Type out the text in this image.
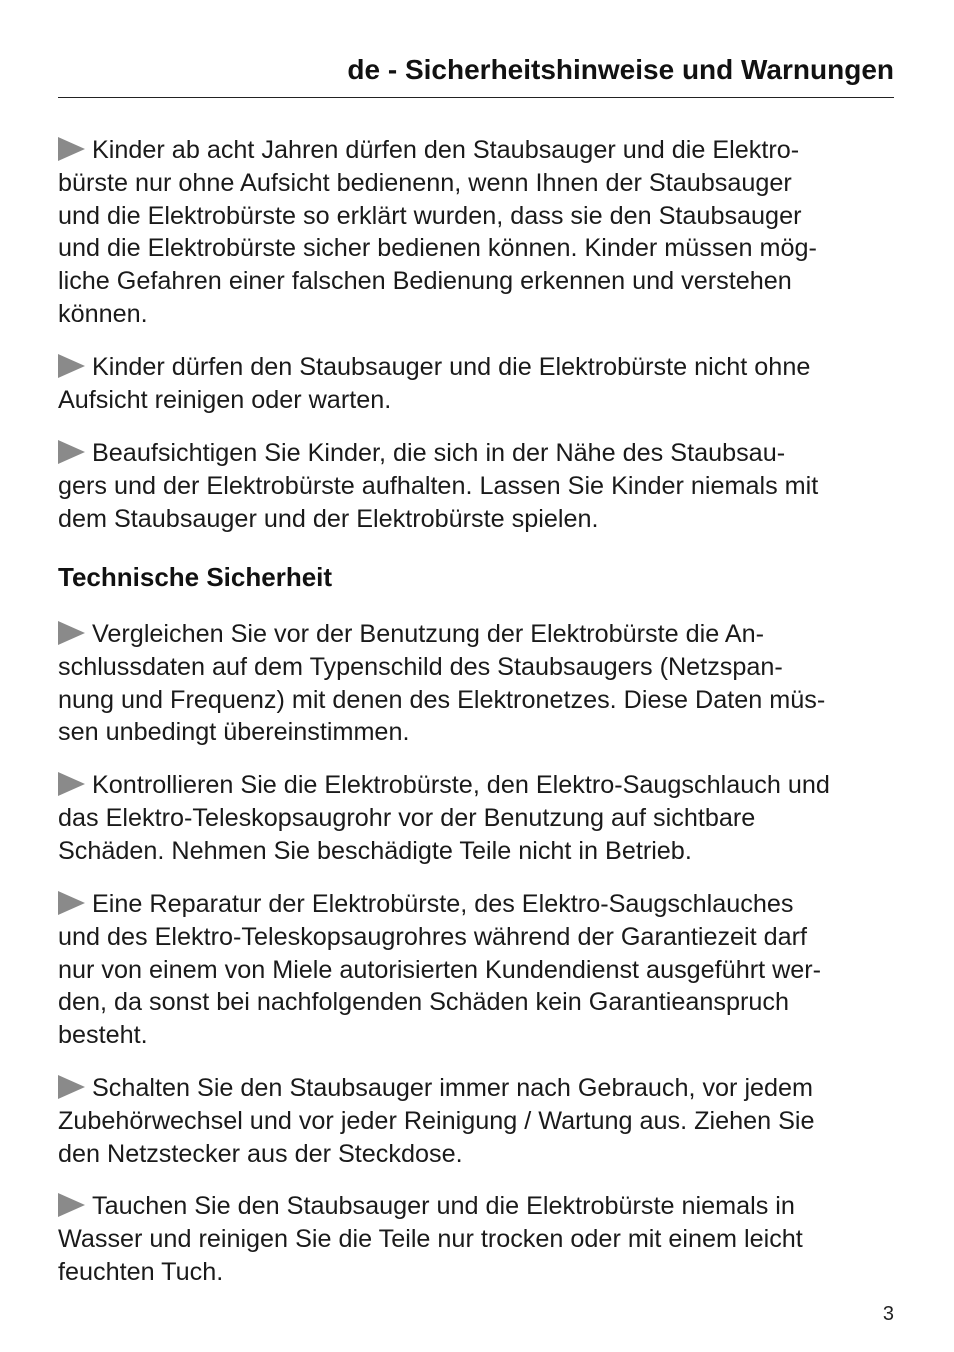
de - Sicherheitshinweise und Warnungen
Kinder ab acht Jahren dürfen den Staubsauger und die Elektro-
bürste nur ohne Aufsicht bedienenn, wenn Ihnen der Staubsauger
und die Elektrobürste so erklärt wurden, dass sie den Staubsauger
und die Elektrobürste sicher bedienen können. Kinder müssen mög-
liche Gefahren einer falschen Bedienung erkennen und verstehen
können.
Kinder dürfen den Staubsauger und die Elektrobürste nicht ohne
Aufsicht reinigen oder warten.
Beaufsichtigen Sie Kinder, die sich in der Nähe des Staubsau-
gers und der Elektrobürste aufhalten. Lassen Sie Kinder niemals mit
dem Staubsauger und der Elektrobürste spielen.
Technische Sicherheit
Vergleichen Sie vor der Benutzung der Elektrobürste die An-
schlussdaten auf dem Typenschild des Staubsaugers (Netzspan-
nung und Frequenz) mit denen des Elektronetzes. Diese Daten müs-
sen unbedingt übereinstimmen.
Kontrollieren Sie die Elektrobürste, den Elektro-Saugschlauch und
das Elektro-Teleskopsaugrohr vor der Benutzung auf sichtbare
Schäden. Nehmen Sie beschädigte Teile nicht in Betrieb.
Eine Reparatur der Elektrobürste, des Elektro-Saugschlauches
und des Elektro-Teleskopsaugrohres während der Garantiezeit darf
nur von einem von Miele autorisierten Kundendienst ausgeführt wer-
den, da sonst bei nachfolgenden Schäden kein Garantieanspruch
besteht.
Schalten Sie den Staubsauger immer nach Gebrauch, vor jedem
Zubehörwechsel und vor jeder Reinigung / Wartung aus. Ziehen Sie
den Netzstecker aus der Steckdose.
Tauchen Sie den Staubsauger und die Elektrobürste niemals in
Wasser und reinigen Sie die Teile nur trocken oder mit einem leicht
feuchten Tuch.
3
